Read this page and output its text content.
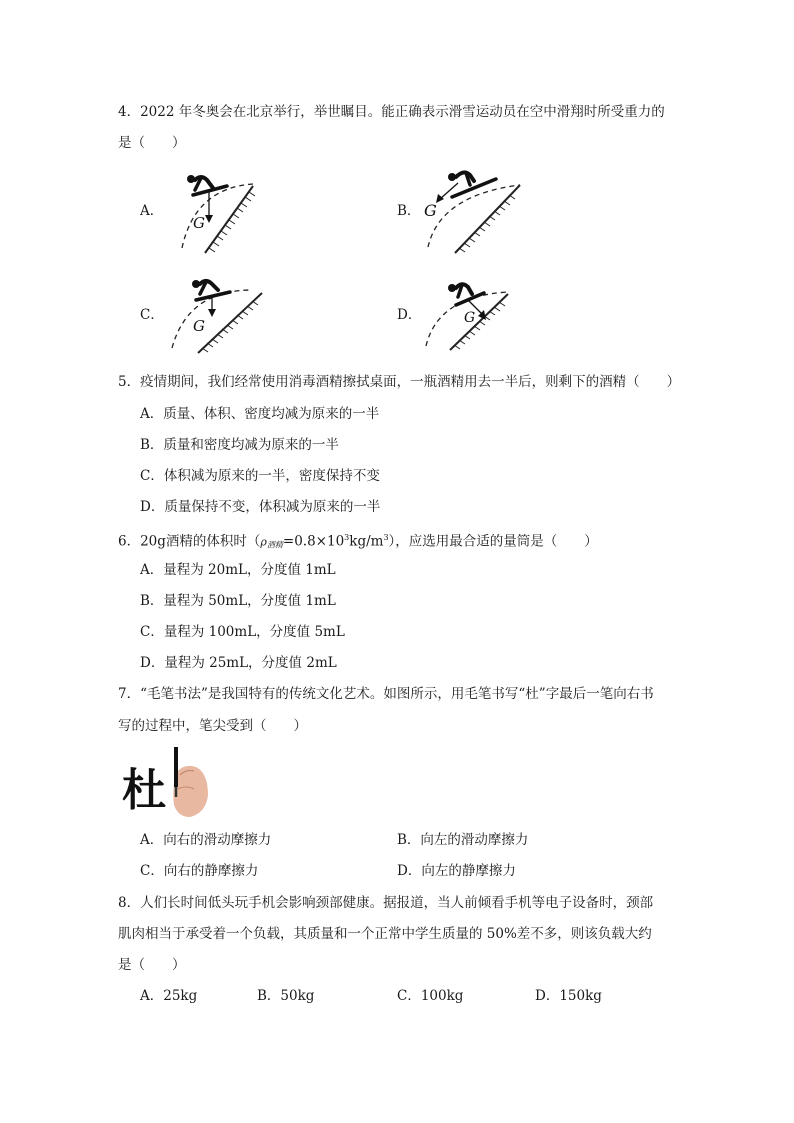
4．2022 年冬奥会在北京举行，举世瞩目。能正确表示滑雪运动员在空中滑翔时所受重力的
是（　　）
A．	B．
C．	D．
G
G
G	G
5．疫情期间，我们经常使用消毒酒精擦拭桌面，一瓶酒精用去一半后，则剩下的酒精（　　）
A．质量、体积、密度均减为原来的一半
B．质量和密度均减为原来的一半
C．体积减为原来的一半，密度保持不变
D．质量保持不变，体积减为原来的一半
6．20g酒精的体积时$(\rho_{酒精}=0.8\times 10^3kg/m^3)$，应选用最合适的量筒是（　　）
A．量程为 20mL，分度值 1mL
B．量程为 50mL，分度值 1mL
C．量程为 100mL，分度值 5mL
D．量程为 25mL，分度值 2mL
7．“毛笔书法”是我国特有的传统文化艺术。如图所示，用毛笔书写“杜”字最后一笔向右书
写的过程中，笔尖受到（　　）
杜
A．向右的滑动摩擦力	B．向左的滑动摩擦力
C．向右的静摩擦力	D．向左的静摩擦力
8．人们长时间低头玩手机会影响颈部健康。据报道，当人前倾看手机等电子设备时，颈部
肌肉相当于承受着一个负载，其质量和一个正常中学生质量的 50%差不多，则该负载大约
是（　　）
A．25kg	B．50kg	C．100kg	D．150kg
